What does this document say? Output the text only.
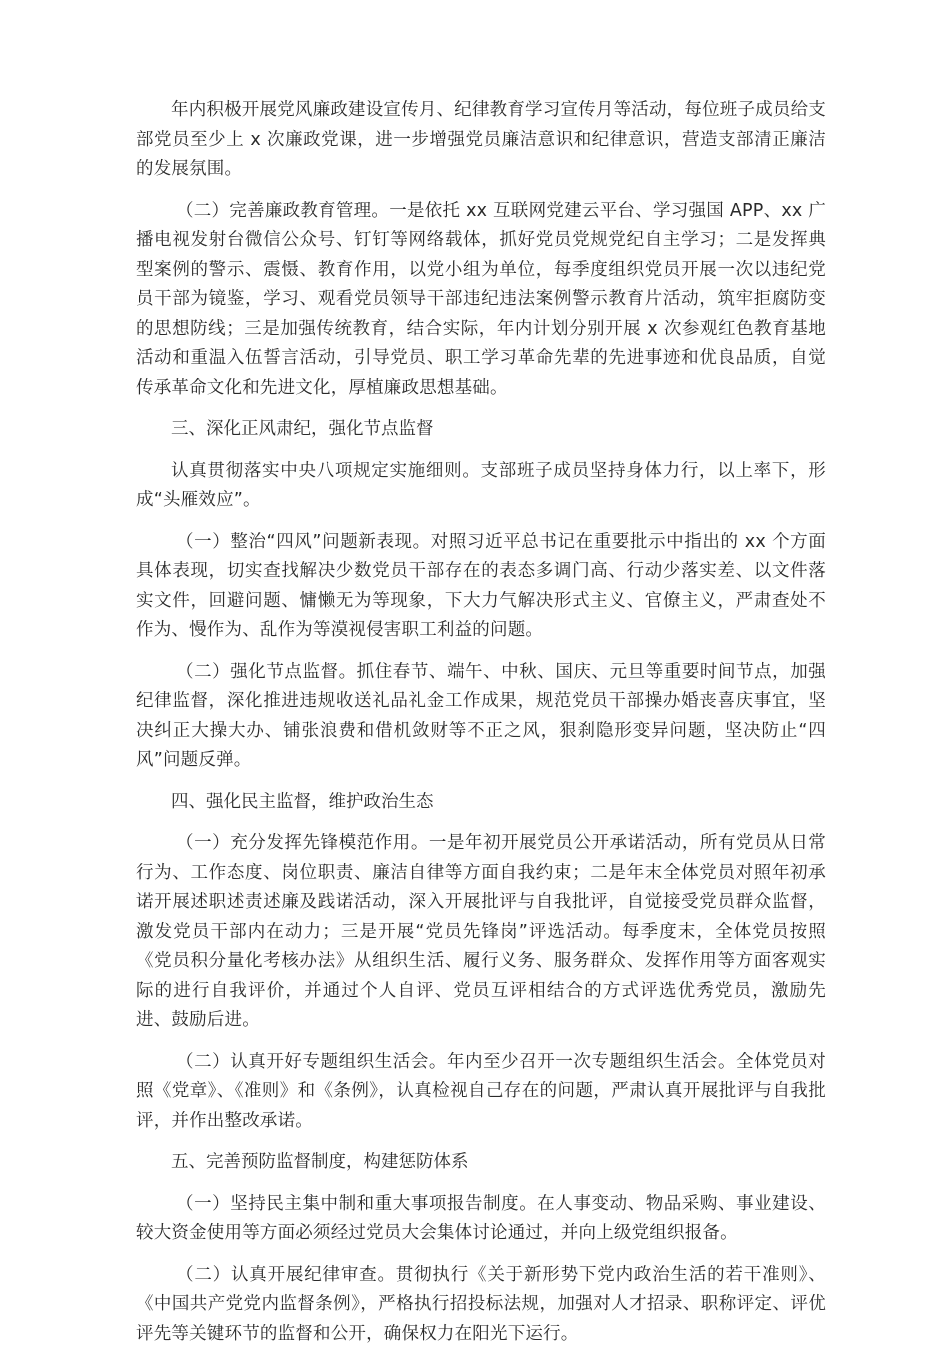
年内积极开展党风廉政建设宣传月、纪律教育学习宣传月等活动，每位班子成员给支部党员至少上 x 次廉政党课，进一步增强党员廉洁意识和纪律意识，营造支部清正廉洁的发展氛围。

（二）完善廉政教育管理。一是依托 xx 互联网党建云平台、学习强国 APP、xx 广播电视发射台微信公众号、钉钉等网络载体，抓好党员党规党纪自主学习；二是发挥典型案例的警示、震慑、教育作用，以党小组为单位，每季度组织党员开展一次以违纪党员干部为镜鉴，学习、观看党员领导干部违纪违法案例警示教育片活动，筑牢拒腐防变的思想防线；三是加强传统教育，结合实际，年内计划分别开展 x 次参观红色教育基地活动和重温入伍誓言活动，引导党员、职工学习革命先辈的先进事迹和优良品质，自觉传承革命文化和先进文化，厚植廉政思想基础。

三、深化正风肃纪，强化节点监督

认真贯彻落实中央八项规定实施细则。支部班子成员坚持身体力行，以上率下，形成“头雁效应”。

（一）整治“四风”问题新表现。对照习近平总书记在重要批示中指出的 xx 个方面具体表现，切实查找解决少数党员干部存在的表态多调门高、行动少落实差、以文件落实文件，回避问题、慵懒无为等现象，下大力气解决形式主义、官僚主义，严肃查处不作为、慢作为、乱作为等漠视侵害职工利益的问题。

（二）强化节点监督。抓住春节、端午、中秋、国庆、元旦等重要时间节点，加强纪律监督，深化推进违规收送礼品礼金工作成果，规范党员干部操办婚丧喜庆事宜，坚决纠正大操大办、铺张浪费和借机敛财等不正之风，狠刹隐形变异问题，坚决防止“四风”问题反弹。

四、强化民主监督，维护政治生态

（一）充分发挥先锋模范作用。一是年初开展党员公开承诺活动，所有党员从日常行为、工作态度、岗位职责、廉洁自律等方面自我约束；二是年末全体党员对照年初承诺开展述职述责述廉及践诺活动，深入开展批评与自我批评，自觉接受党员群众监督，激发党员干部内在动力；三是开展“党员先锋岗”评选活动。每季度末，全体党员按照《党员积分量化考核办法》从组织生活、履行义务、服务群众、发挥作用等方面客观实际的进行自我评价，并通过个人自评、党员互评相结合的方式评选优秀党员，激励先进、鼓励后进。

（二）认真开好专题组织生活会。年内至少召开一次专题组织生活会。全体党员对照《党章》、《准则》和《条例》，认真检视自己存在的问题，严肃认真开展批评与自我批评，并作出整改承诺。

五、完善预防监督制度，构建惩防体系

（一）坚持民主集中制和重大事项报告制度。在人事变动、物品采购、事业建设、较大资金使用等方面必须经过党员大会集体讨论通过，并向上级党组织报备。

（二）认真开展纪律审查。贯彻执行《关于新形势下党内政治生活的若干准则》、《中国共产党党内监督条例》，严格执行招投标法规，加强对人才招录、职称评定、评优评先等关键环节的监督和公开，确保权力在阳光下运行。
